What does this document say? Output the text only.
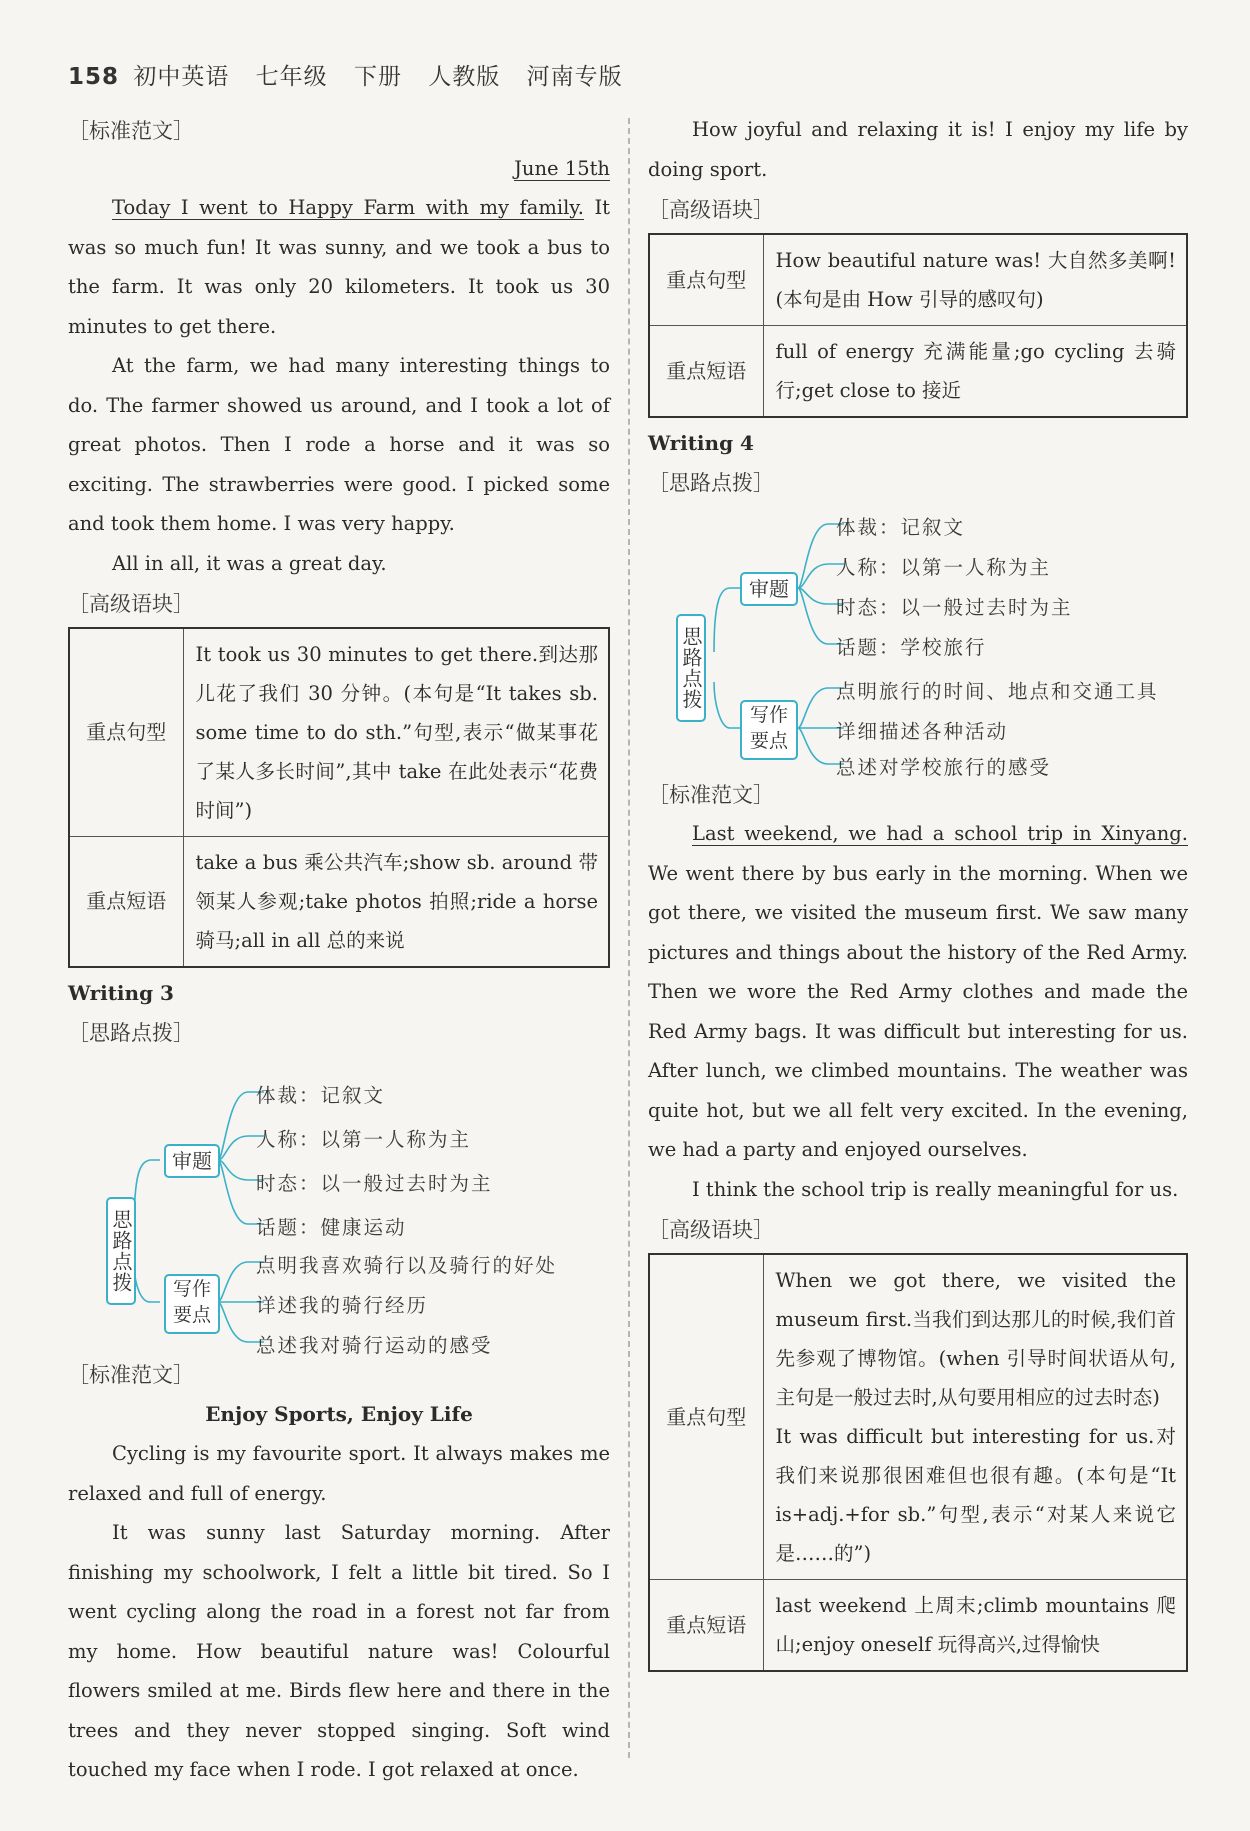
158 初中英语 七年级 下册 人教版 河南专版
［标准范文］
June 15th

Today I went to Happy Farm with my family. It was so much fun! It was sunny, and we took a bus to the farm. It was only 20 kilometers. It took us 30 minutes to get there.

At the farm, we had many interesting things to do. The farmer showed us around, and I took a lot of great photos. Then I rode a horse and it was so exciting. The strawberries were good. I picked some and took them home. I was very happy.

All in all, it was a great day.

［高级语块］
重点句型	It took us 30 minutes to get there.到达那儿花了我们 30 分钟。(本句是“It takes sb. some time to do sth.”句型,表示“做某事花了某人多长时间”,其中 take 在此处表示“花费时间”)
重点短语	take a bus 乘公共汽车;show sb. around 带领某人参观;take photos 拍照;ride a horse 骑马;all in all 总的来说
Writing 3
［思路点拨］
思路点拨
审题
写作要点
体裁：记叙文
人称：以第一人称为主
时态：以一般过去时为主
话题：健康运动
点明我喜欢骑行以及骑行的好处
详述我的骑行经历
总述我对骑行运动的感受
［标准范文］
Enjoy Sports, Enjoy Life

Cycling is my favourite sport. It always makes me relaxed and full of energy.

It was sunny last Saturday morning. After finishing my schoolwork, I felt a little bit tired. So I went cycling along the road in a forest not far from my home. How beautiful nature was! Colourful flowers smiled at me. Birds flew here and there in the trees and they never stopped singing. Soft wind touched my face when I rode. I got relaxed at once.

How joyful and relaxing it is! I enjoy my life by doing sport.

［高级语块］
重点句型	How beautiful nature was! 大自然多美啊!(本句是由 How 引导的感叹句)
重点短语	full of energy 充满能量;go cycling 去骑行;get close to 接近
Writing 4
［思路点拨］
思路点拨
审题
写作要点
体裁：记叙文
人称：以第一人称为主
时态：以一般过去时为主
话题：学校旅行
点明旅行的时间、地点和交通工具
详细描述各种活动
总述对学校旅行的感受
［标准范文］

Last weekend, we had a school trip in Xinyang. We went there by bus early in the morning. When we got there, we visited the museum first. We saw many pictures and things about the history of the Red Army. Then we wore the Red Army clothes and made the Red Army bags. It was difficult but interesting for us. After lunch, we climbed mountains. The weather was quite hot, but we all felt very excited. In the evening, we had a party and enjoyed ourselves.

I think the school trip is really meaningful for us.

［高级语块］
重点句型	When we got there, we visited the museum first.当我们到达那儿的时候,我们首先参观了博物馆。(when 引导时间状语从句,主句是一般过去时,从句要用相应的过去时态)
It was difficult but interesting for us.对我们来说那很困难但也很有趣。(本句是“It is+adj.+for sb.”句型,表示“对某人来说它是……的”)

重点短语	last weekend 上周末;climb mountains 爬山;enjoy oneself 玩得高兴,过得愉快
